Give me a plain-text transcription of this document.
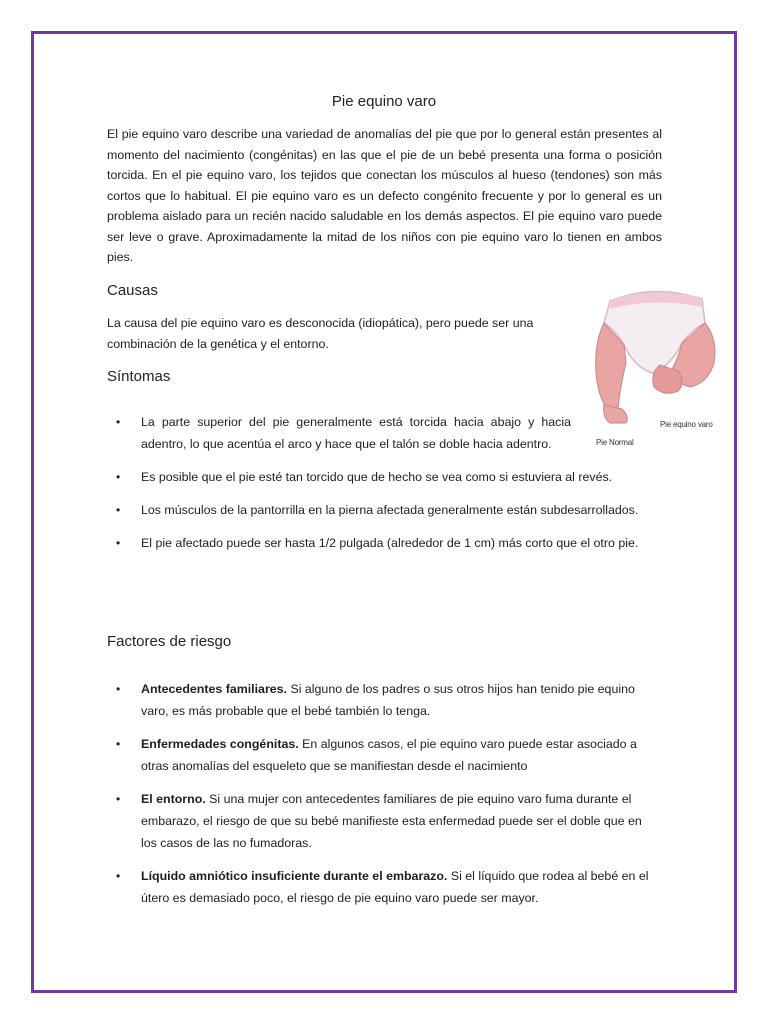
Pie equino varo
El pie equino varo describe una variedad de anomalías del pie que por lo general están presentes al momento del nacimiento (congénitas) en las que el pie de un bebé presenta una forma o posición torcida. En el pie equino varo, los tejidos que conectan los músculos al hueso (tendones) son más cortos que lo habitual. El pie equino varo es un defecto congénito frecuente y por lo general es un problema aislado para un recién nacido saludable en los demás aspectos. El pie equino varo puede ser leve o grave. Aproximadamente la mitad de los niños con pie equino varo lo tienen en ambos pies.
Causas
La causa del pie equino varo es desconocida (idiopática), pero puede ser una combinación de la genética y el entorno.
Síntomas
• La parte superior del pie generalmente está torcida hacia abajo y hacia adentro, lo que acentúa el arco y hace que el talón se doble hacia adentro.
• Es posible que el pie esté tan torcido que de hecho se vea como si estuviera al revés.
• Los músculos de la pantorrilla en la pierna afectada generalmente están subdesarrollados.
• El pie afectado puede ser hasta 1/2 pulgada (alrededor de 1 cm) más corto que el otro pie.
Factores de riesgo
• Antecedentes familiares. Si alguno de los padres o sus otros hijos han tenido pie equino varo, es más probable que el bebé también lo tenga.
• Enfermedades congénitas. En algunos casos, el pie equino varo puede estar asociado a otras anomalías del esqueleto que se manifiestan desde el nacimiento
• El entorno. Si una mujer con antecedentes familiares de pie equino varo fuma durante el embarazo, el riesgo de que su bebé manifieste esta enfermedad puede ser el doble que en los casos de las no fumadoras.
• Líquido amniótico insuficiente durante el embarazo. Si el líquido que rodea al bebé en el útero es demasiado poco, el riesgo de pie equino varo puede ser mayor.
Pie equino varo
Pie Normal
